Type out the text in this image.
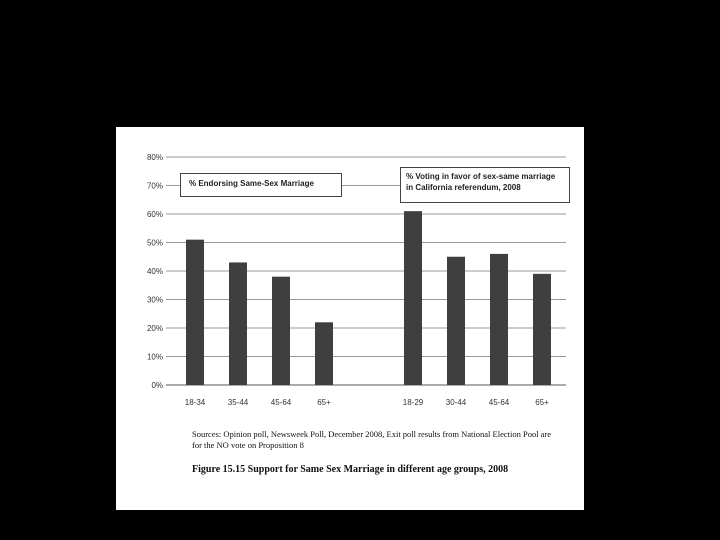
0%
10%
20%
30%
40%
50%
60%
70%
80%
18-34	35-44	45-64	65+	18-29	30-44	45-64	65+
% Endorsing Same-Sex Marriage
% Voting in favor of sex-same marriage in California referendum, 2008
Sources: Opinion poll, Newsweek Poll, December 2008, Exit poll results from National Election Pool are for the NO vote on Proposition 8
Figure 15.15 Support for Same Sex Marriage in different age groups, 2008
